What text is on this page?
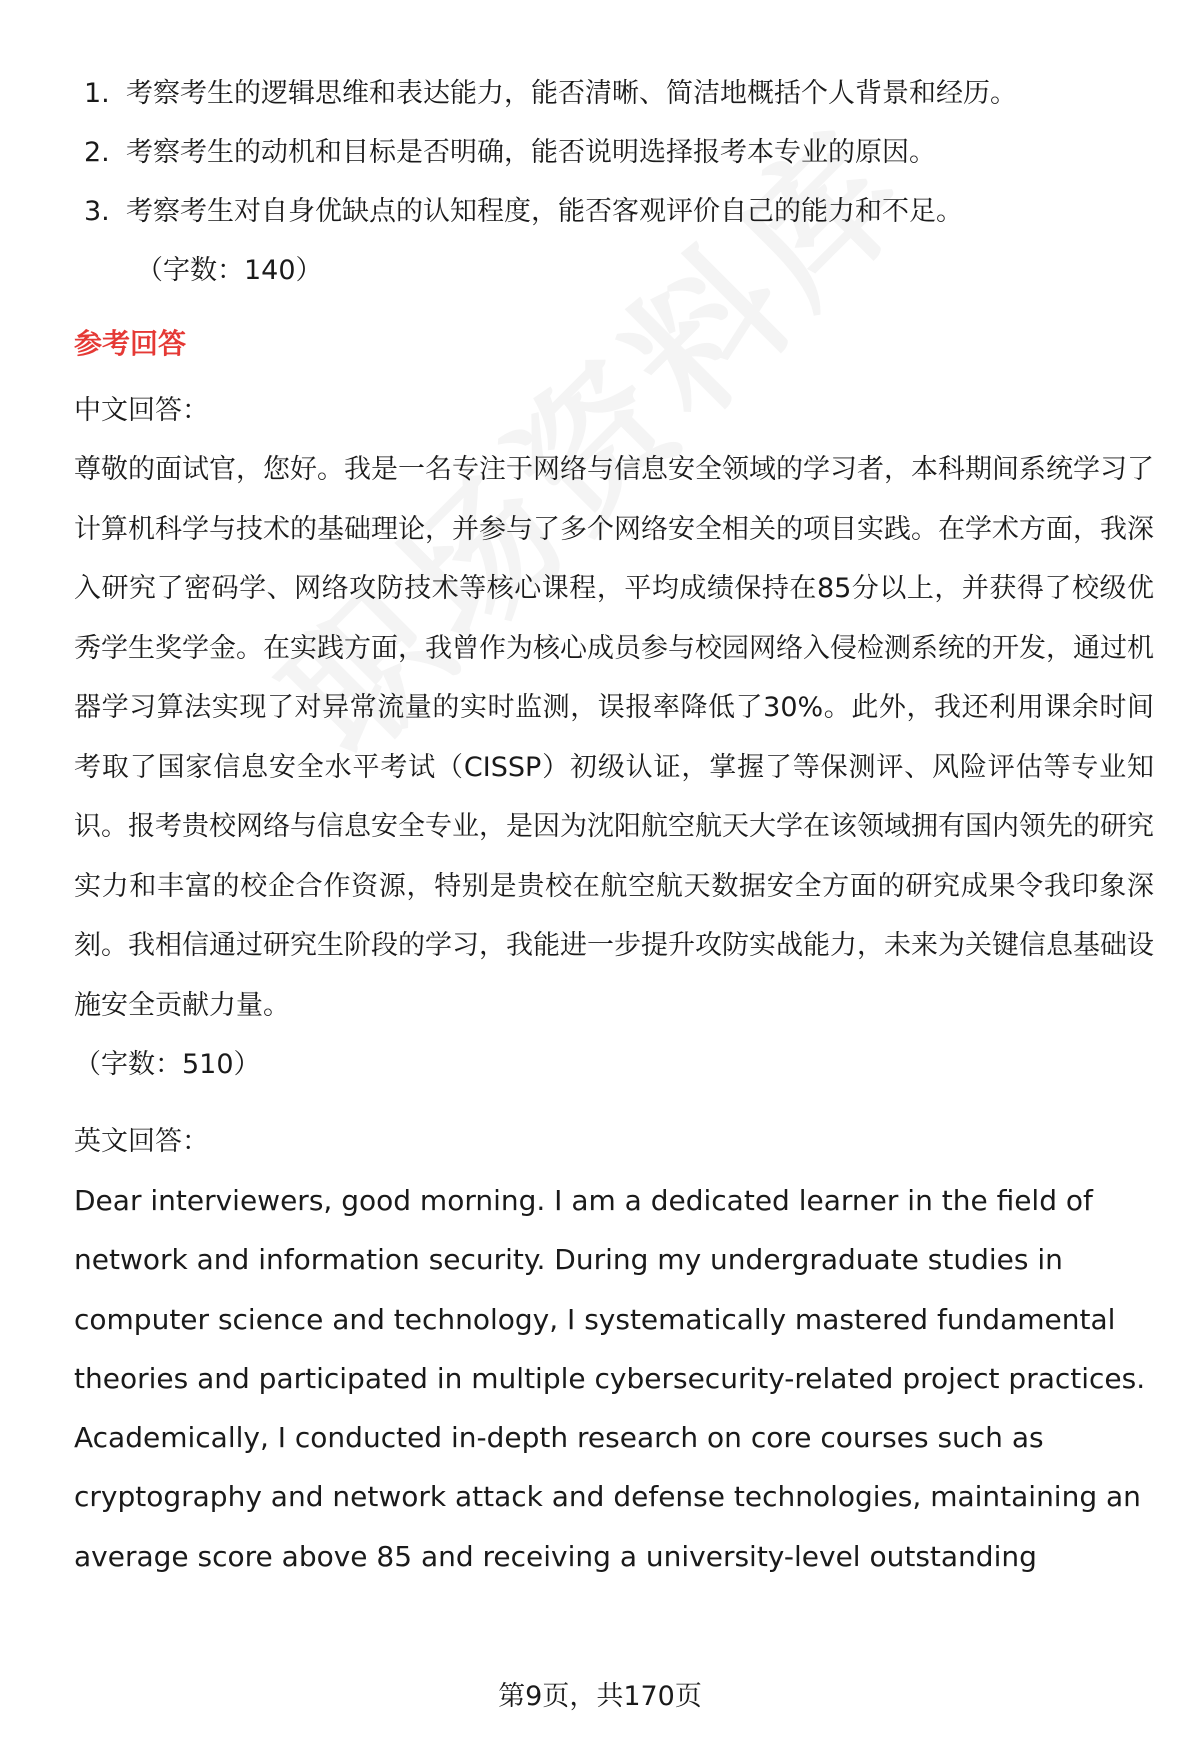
1. 考察考生的逻辑思维和表达能力，能否清晰、简洁地概括个人背景和经历。
2. 考察考生的动机和目标是否明确，能否说明选择报考本专业的原因。
3. 考察考生对自身优缺点的认知程度，能否客观评价自己的能力和不足。
（字数：140）
参考回答
中文回答：
尊敬的面试官，您好。我是一名专注于网络与信息安全领域的学习者，本科期间系统学习了计算机科学与技术的基础理论，并参与了多个网络安全相关的项目实践。在学术方面，我深入研究了密码学、网络攻防技术等核心课程，平均成绩保持在85分以上，并获得了校级优秀学生奖学金。在实践方面，我曾作为核心成员参与校园网络入侵检测系统的开发，通过机器学习算法实现了对异常流量的实时监测，误报率降低了30%。此外，我还利用课余时间考取了国家信息安全水平考试（CISSP）初级认证，掌握了等保测评、风险评估等专业知识。报考贵校网络与信息安全专业，是因为沈阳航空航天大学在该领域拥有国内领先的研究实力和丰富的校企合作资源，特别是贵校在航空航天数据安全方面的研究成果令我印象深刻。我相信通过研究生阶段的学习，我能进一步提升攻防实战能力，未来为关键信息基础设施安全贡献力量。
（字数：510）
英文回答：
Dear interviewers, good morning. I am a dedicated learner in the field of network and information security. During my undergraduate studies in computer science and technology, I systematically mastered fundamental theories and participated in multiple cybersecurity-related project practices. Academically, I conducted in-depth research on core courses such as cryptography and network attack and defense technologies, maintaining an average score above 85 and receiving a university-level outstanding
第9页，共170页
